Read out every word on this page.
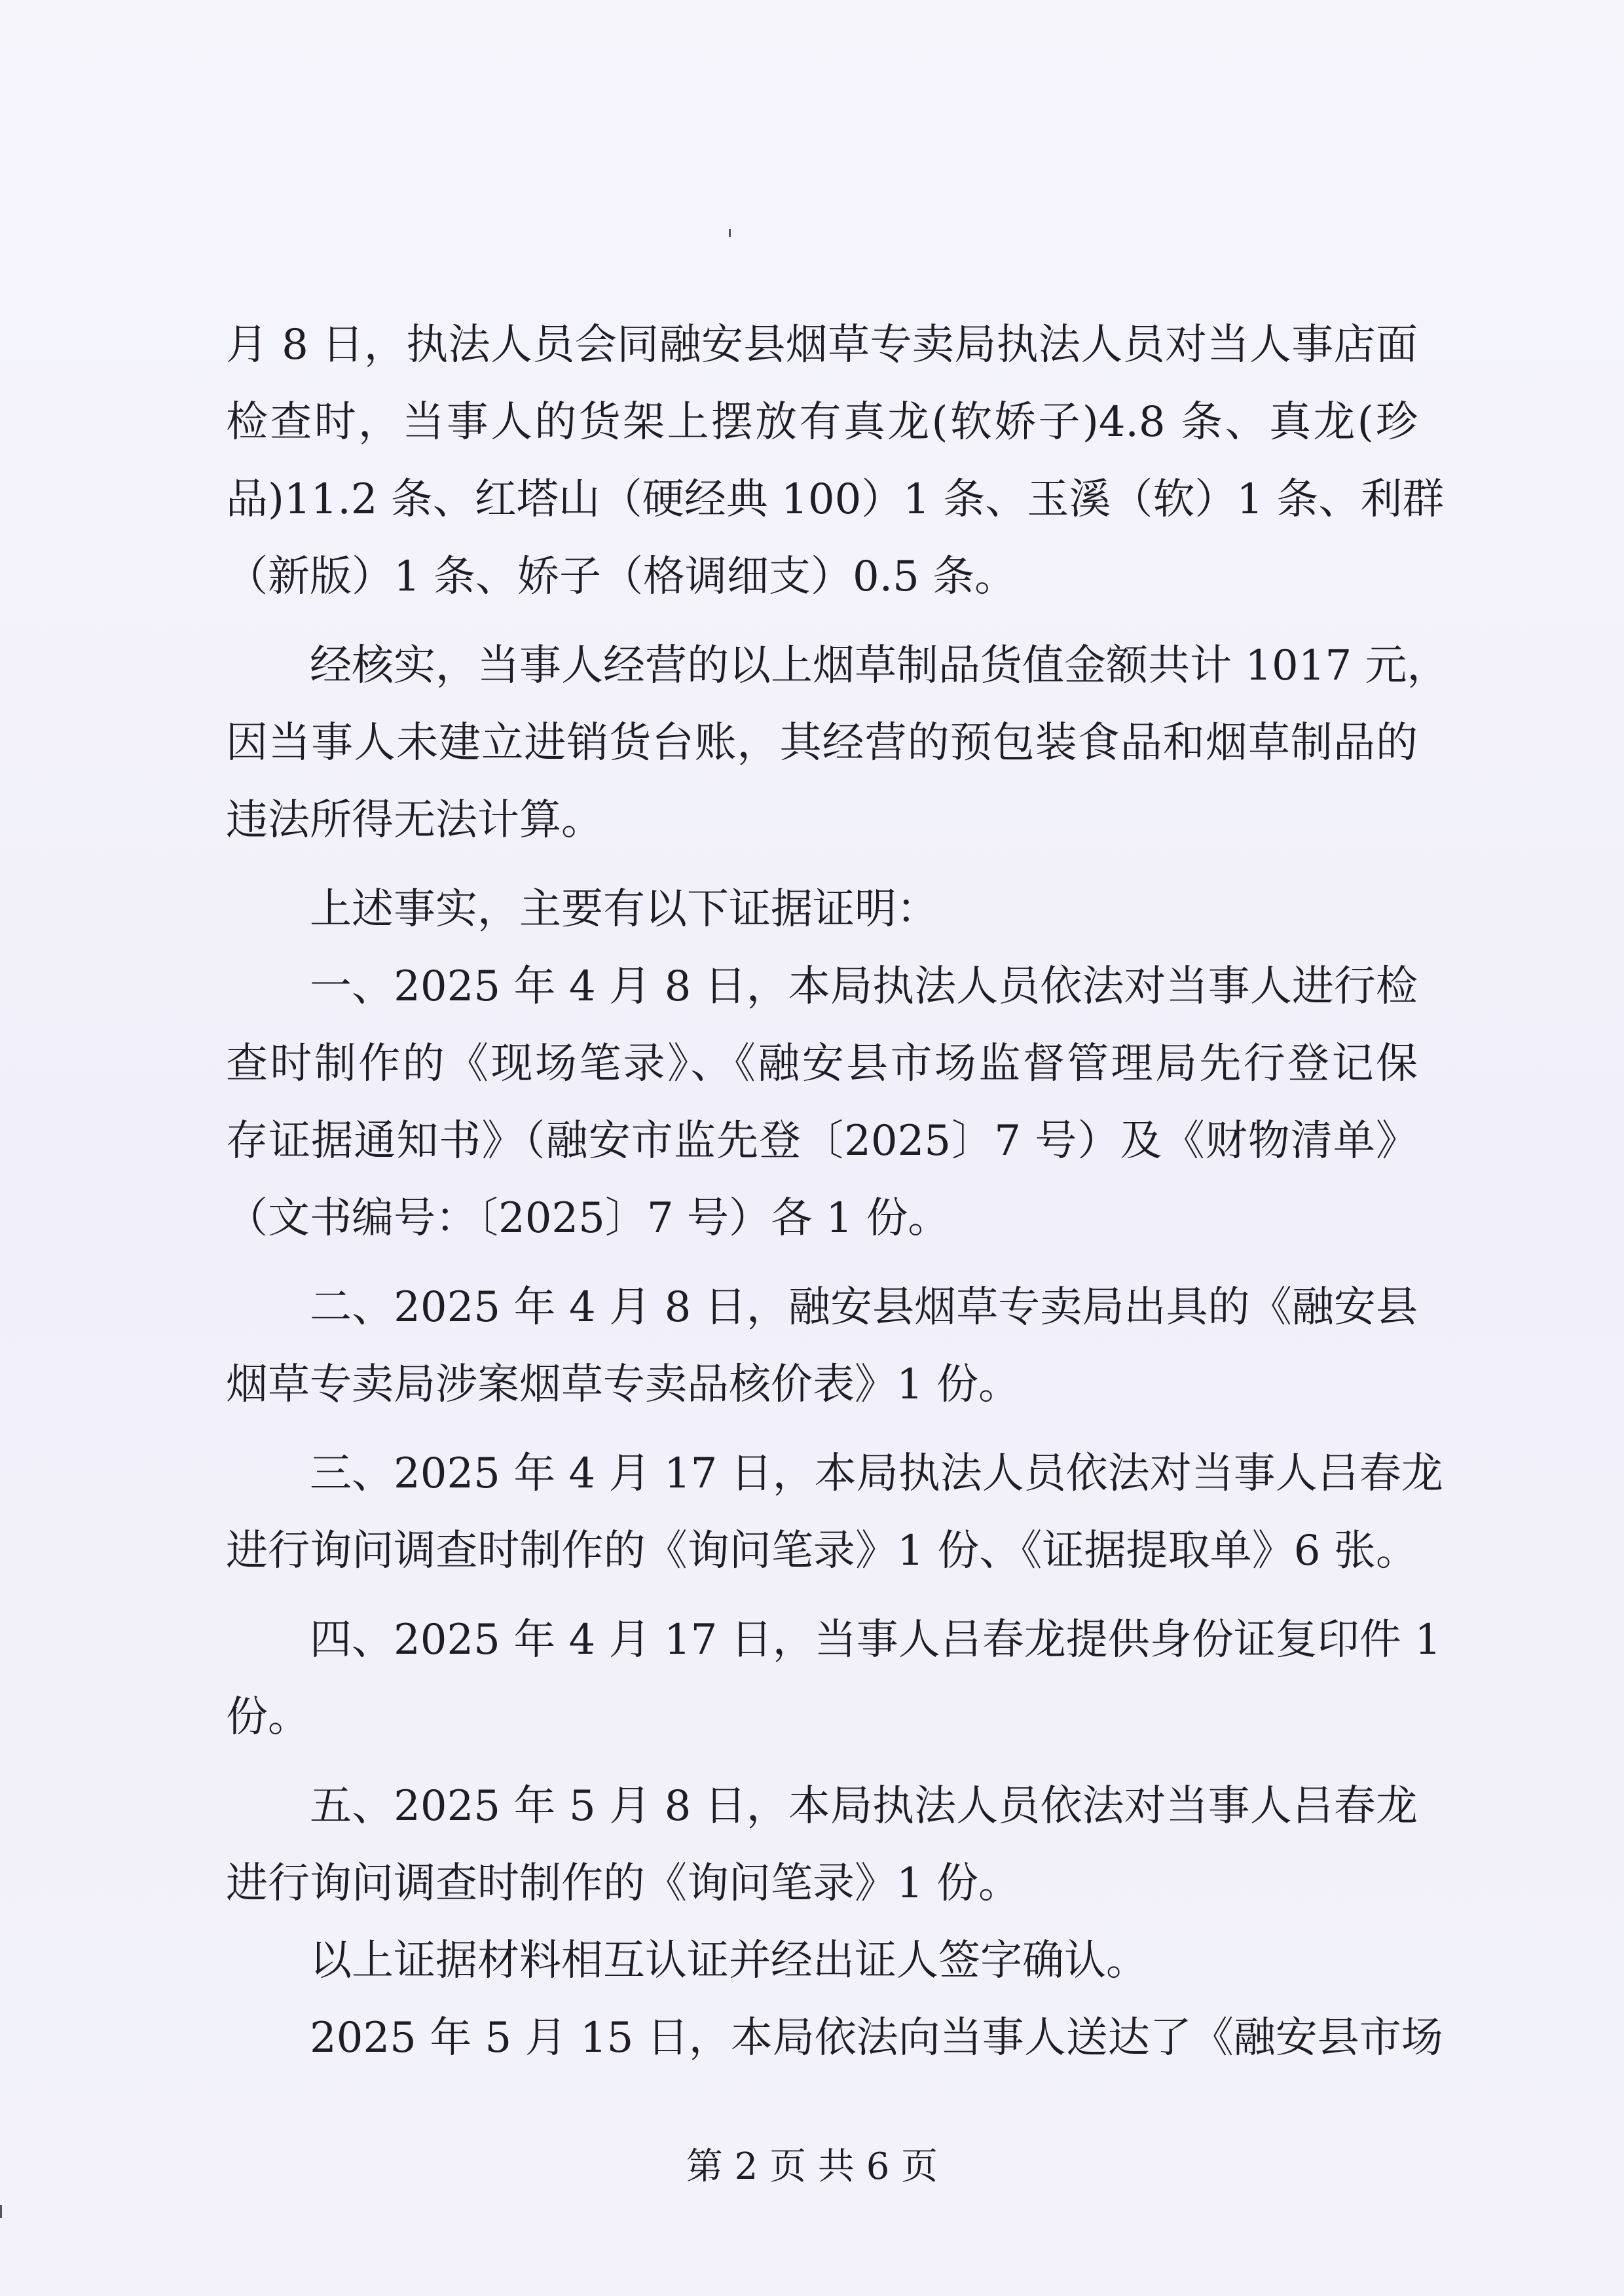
月 8 日，执法人员会同融安县烟草专卖局执法人员对当人事店面
检查时，当事人的货架上摆放有真龙(软娇子)4.8 条、真龙(珍
品)11.2 条、红塔山（硬经典 100）1 条、玉溪（软）1 条、利群
（新版）1 条、娇子（格调细支）0.5 条。
经核实，当事人经营的以上烟草制品货值金额共计 1017 元，
因当事人未建立进销货台账，其经营的预包装食品和烟草制品的
违法所得无法计算。
上述事实，主要有以下证据证明：
一、2025 年 4 月 8 日，本局执法人员依法对当事人进行检
查时制作的《现场笔录》、《融安县市场监督管理局先行登记保
存证据通知书》（融安市监先登〔2025〕7 号）及《财物清单》
（文书编号：〔2025〕7 号）各 1 份。
二、2025 年 4 月 8 日，融安县烟草专卖局出具的《融安县
烟草专卖局涉案烟草专卖品核价表》1 份。
三、2025 年 4 月 17 日，本局执法人员依法对当事人吕春龙
进行询问调查时制作的《询问笔录》1 份、《证据提取单》6 张。
四、2025 年 4 月 17 日，当事人吕春龙提供身份证复印件 1
份。
五、2025 年 5 月 8 日，本局执法人员依法对当事人吕春龙
进行询问调查时制作的《询问笔录》1 份。
以上证据材料相互认证并经出证人签字确认。
2025 年 5 月 15 日，本局依法向当事人送达了《融安县市场
第 2 页 共 6 页
